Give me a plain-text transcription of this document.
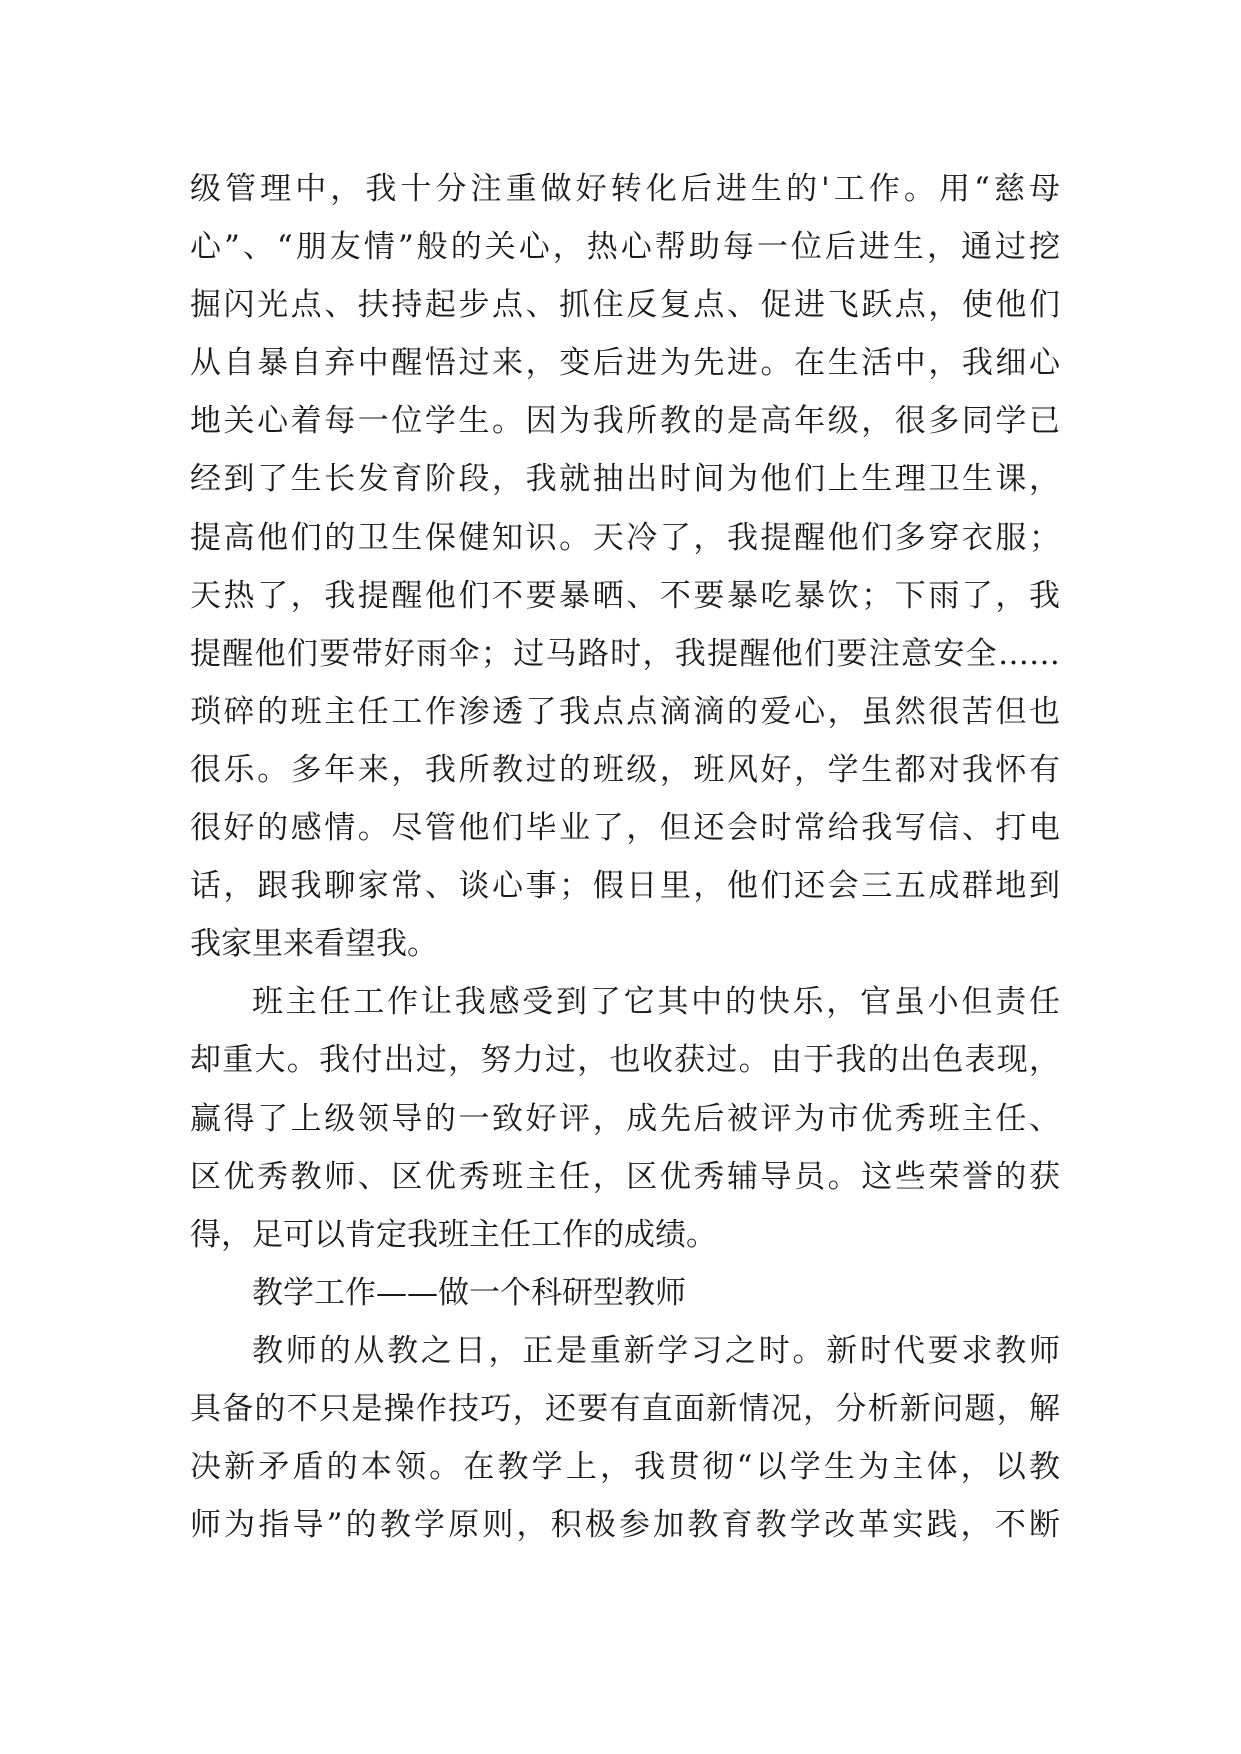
级管理中，我十分注重做好转化后进生的'工作。用“慈母
心”、“朋友情”般的关心，热心帮助每一位后进生，通过挖
掘闪光点、扶持起步点、抓住反复点、促进飞跃点，使他们
从自暴自弃中醒悟过来，变后进为先进。在生活中，我细心
地关心着每一位学生。因为我所教的是高年级，很多同学已
经到了生长发育阶段，我就抽出时间为他们上生理卫生课，
提高他们的卫生保健知识。天冷了，我提醒他们多穿衣服；
天热了，我提醒他们不要暴晒、不要暴吃暴饮；下雨了，我
提醒他们要带好雨伞；过马路时，我提醒他们要注意安全……
琐碎的班主任工作渗透了我点点滴滴的爱心，虽然很苦但也
很乐。多年来，我所教过的班级，班风好，学生都对我怀有
很好的感情。尽管他们毕业了，但还会时常给我写信、打电
话，跟我聊家常、谈心事；假日里，他们还会三五成群地到
我家里来看望我。
班主任工作让我感受到了它其中的快乐，官虽小但责任
却重大。我付出过，努力过，也收获过。由于我的出色表现，
赢得了上级领导的一致好评，成先后被评为市优秀班主任、
区优秀教师、区优秀班主任，区优秀辅导员。这些荣誉的获
得，足可以肯定我班主任工作的成绩。
教学工作——做一个科研型教师
教师的从教之日，正是重新学习之时。新时代要求教师
具备的不只是操作技巧，还要有直面新情况，分析新问题，解
决新矛盾的本领。在教学上，我贯彻“以学生为主体，以教
师为指导”的教学原则，积极参加教育教学改革实践，不断
